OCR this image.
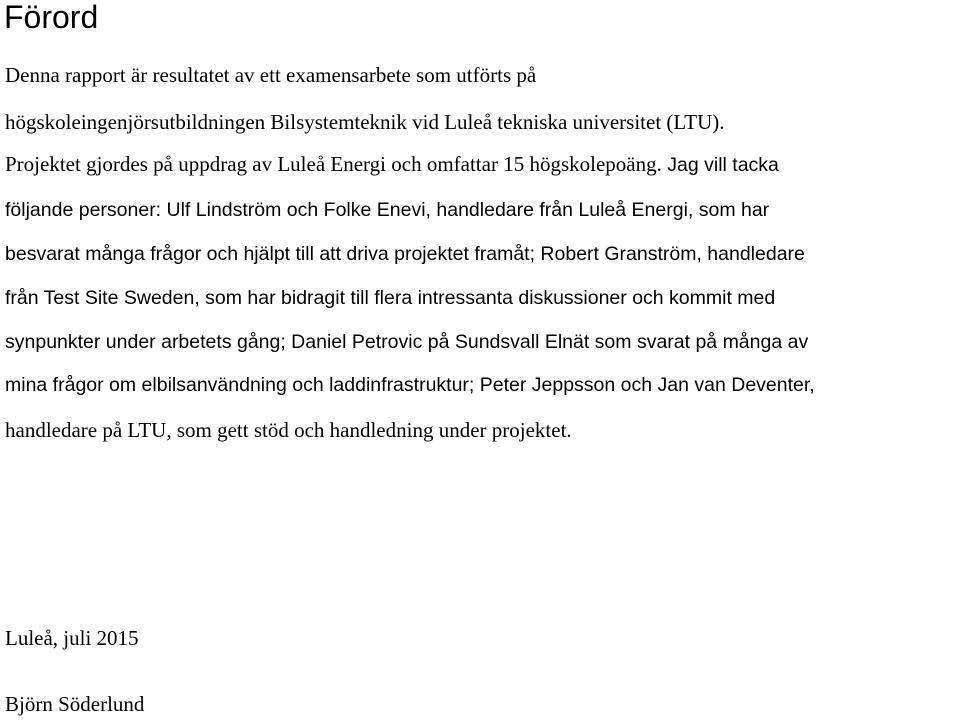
Förord

Denna rapport är resultatet av ett examensarbete som utförts på

högskoleingenjörsutbildningen Bilsystemteknik vid Luleå tekniska universitet (LTU).

Projektet gjordes på uppdrag av Luleå Energi och omfattar 15 högskolepoäng. Jag vill tacka

följande personer: Ulf Lindström och Folke Enevi, handledare från Luleå Energi, som har

besvarat många frågor och hjälpt till att driva projektet framåt; Robert Granström, handledare

från Test Site Sweden, som har bidragit till flera intressanta diskussioner och kommit med

synpunkter under arbetets gång; Daniel Petrovic på Sundsvall Elnät som svarat på många av

mina frågor om elbilsanvändning och laddinfrastruktur; Peter Jeppsson och Jan van Deventer,

handledare på LTU, som gett stöd och handledning under projektet.

Luleå, juli 2015

Björn Söderlund
